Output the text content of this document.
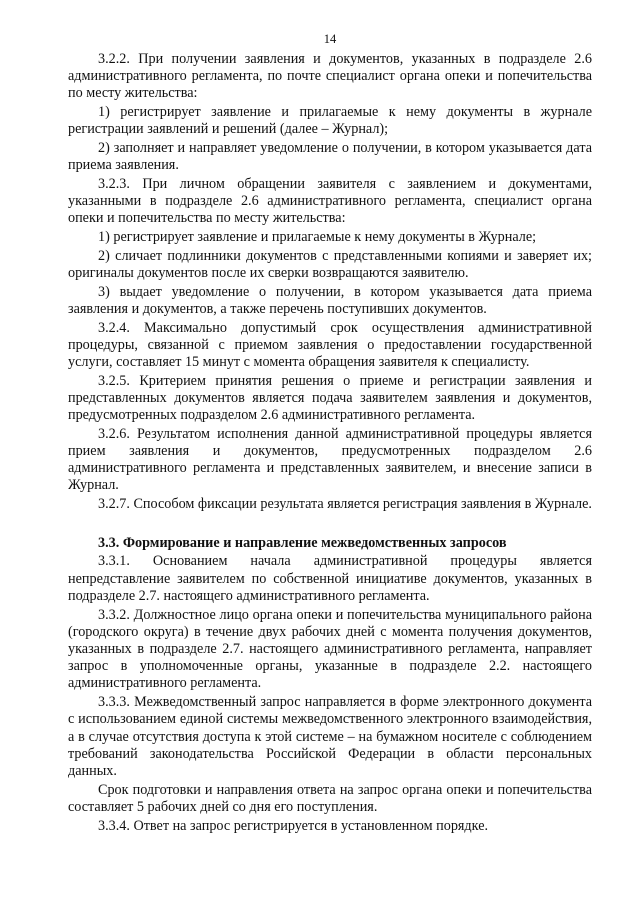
14

3.2.2. При получении заявления и документов, указанных в подразделе 2.6 административного регламента, по почте специалист органа опеки и попечительства по месту жительства:

1) регистрирует заявление и прилагаемые к нему документы в журнале регистрации заявлений и решений (далее – Журнал);

2) заполняет и направляет уведомление о получении, в котором указывается дата приема заявления.

3.2.3. При личном обращении заявителя с заявлением и документами, указанными в подразделе 2.6 административного регламента, специалист органа опеки и попечительства по месту жительства:

1) регистрирует заявление и прилагаемые к нему документы в Журнале;

2) сличает подлинники документов с представленными копиями и заверяет их; оригиналы документов после их сверки возвращаются заявителю.

3) выдает уведомление о получении, в котором указывается дата приема заявления и документов, а также перечень поступивших документов.

3.2.4. Максимально допустимый срок осуществления административной процедуры, связанной с приемом заявления о предоставлении государственной услуги, составляет 15 минут с момента обращения заявителя к специалисту.

3.2.5. Критерием принятия решения о приеме и регистрации заявления и представленных документов является подача заявителем заявления и документов, предусмотренных подразделом 2.6 административного регламента.

3.2.6. Результатом исполнения данной административной процедуры является прием заявления и документов, предусмотренных подразделом 2.6 административного регламента и представленных заявителем, и внесение записи в Журнал.

3.2.7. Способом фиксации результата является регистрация заявления в Журнале.

3.3. Формирование и направление межведомственных запросов

3.3.1. Основанием начала административной процедуры является непредставление заявителем по собственной инициативе документов, указанных в подразделе 2.7. настоящего административного регламента.

3.3.2. Должностное лицо органа опеки и попечительства муниципального района (городского округа) в течение двух рабочих дней с момента получения документов, указанных в подразделе 2.7. настоящего административного регламента, направляет запрос в уполномоченные органы, указанные в подразделе 2.2. настоящего административного регламента.

3.3.3. Межведомственный запрос направляется в форме электронного документа с использованием единой системы межведомственного электронного взаимодействия, а в случае отсутствия доступа к этой системе – на бумажном носителе с соблюдением требований законодательства Российской Федерации в области персональных данных.

Срок подготовки и направления ответа на запрос органа опеки и попечительства составляет 5 рабочих дней со дня его поступления.

3.3.4. Ответ на запрос регистрируется в установленном порядке.
